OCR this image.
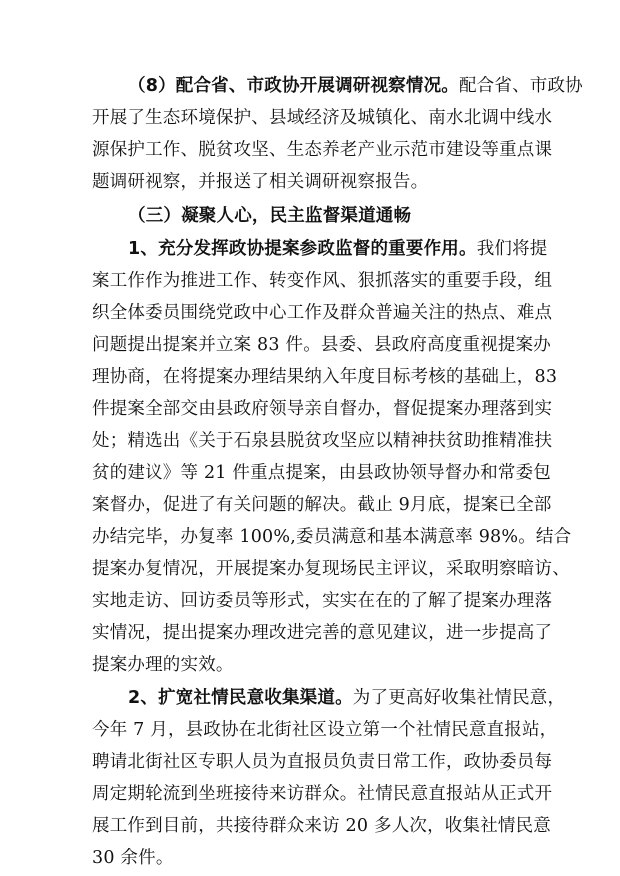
（8）配合省、市政协开展调研视察情况。配合省、市政协
开展了生态环境保护、县域经济及城镇化、南水北调中线水
源保护工作、脱贫攻坚、生态养老产业示范市建设等重点课
题调研视察，并报送了相关调研视察报告。
（三）凝聚人心，民主监督渠道通畅
1、充分发挥政协提案参政监督的重要作用。我们将提
案工作作为推进工作、转变作风、狠抓落实的重要手段，组
织全体委员围绕党政中心工作及群众普遍关注的热点、难点
问题提出提案并立案 83 件。县委、县政府高度重视提案办
理协商，在将提案办理结果纳入年度目标考核的基础上，83
件提案全部交由县政府领导亲自督办，督促提案办理落到实
处；精选出《关于石泉县脱贫攻坚应以精神扶贫助推精准扶
贫的建议》等 21 件重点提案，由县政协领导督办和常委包
案督办，促进了有关问题的解决。截止 9月底，提案已全部
办结完毕，办复率 100%,委员满意和基本满意率 98%。结合
提案办复情况，开展提案办复现场民主评议，采取明察暗访、
实地走访、回访委员等形式，实实在在的了解了提案办理落
实情况，提出提案办理改进完善的意见建议，进一步提高了
提案办理的实效。
2、扩宽社情民意收集渠道。为了更高好收集社情民意，
今年 7 月，县政协在北街社区设立第一个社情民意直报站，
聘请北街社区专职人员为直报员负责日常工作，政协委员每
周定期轮流到坐班接待来访群众。社情民意直报站从正式开
展工作到目前，共接待群众来访 20 多人次，收集社情民意
30 余件。
